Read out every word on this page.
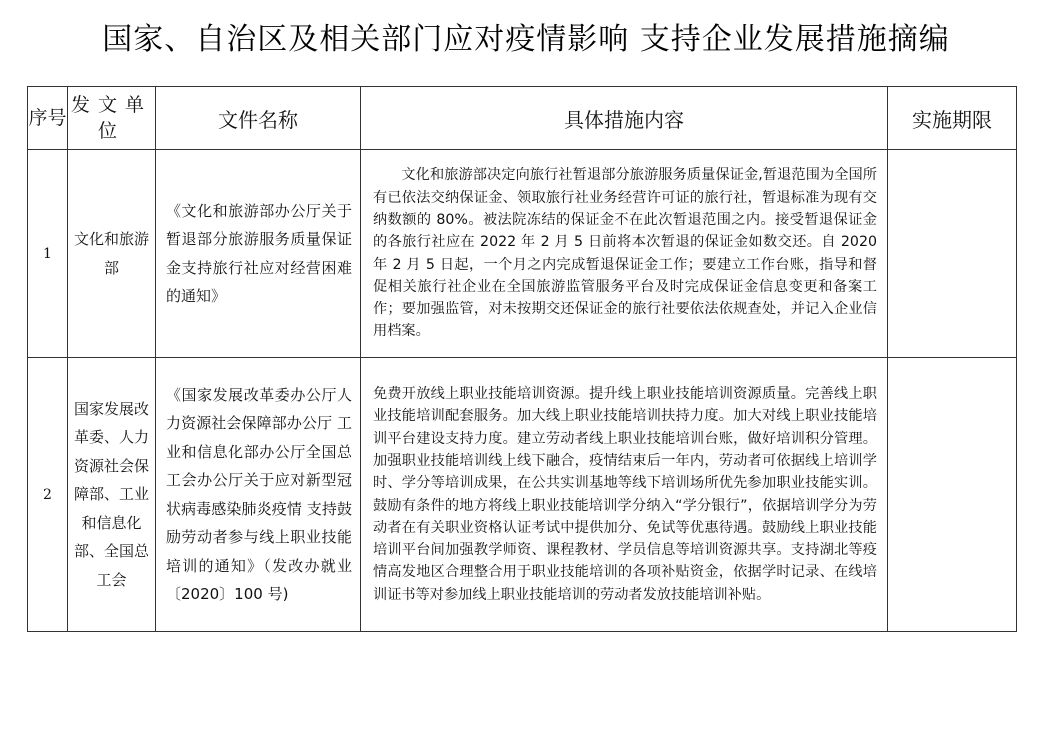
国家、自治区及相关部门应对疫情影响 支持企业发展措施摘编
序号	发文单位	文件名称	具体措施内容	实施期限
1	文化和旅游部	《文化和旅游部办公厅关于暂退部分旅游服务质量保证金支持旅行社应对经营困难的通知》	文化和旅游部决定向旅行社暂退部分旅游服务质量保证金,暂退范围为全国所有已依法交纳保证金、领取旅行社业务经营许可证的旅行社，暂退标准为现有交纳数额的 80%。被法院冻结的保证金不在此次暂退范围之内。接受暂退保证金的各旅行社应在 2022 年 2 月 5 日前将本次暂退的保证金如数交还。自 2020 年 2 月 5 日起，一个月之内完成暂退保证金工作；要建立工作台账，指导和督促相关旅行社企业在全国旅游监管服务平台及时完成保证金信息变更和备案工作；要加强监管，对未按期交还保证金的旅行社要依法依规查处，并记入企业信用档案。	
2	国家发展改革委、人力资源社会保障部、工业和信息化部、全国总工会	《国家发展改革委办公厅人力资源社会保障部办公厅 工业和信息化部办公厅全国总工会办公厅关于应对新型冠状病毒感染肺炎疫情 支持鼓励劳动者参与线上职业技能培训的通知》（发改办就业〔2020〕100 号)	免费开放线上职业技能培训资源。提升线上职业技能培训资源质量。完善线上职业技能培训配套服务。加大线上职业技能培训扶持力度。加大对线上职业技能培训平台建设支持力度。建立劳动者线上职业技能培训台账，做好培训积分管理。加强职业技能培训线上线下融合，疫情结束后一年内，劳动者可依据线上培训学时、学分等培训成果，在公共实训基地等线下培训场所优先参加职业技能实训。鼓励有条件的地方将线上职业技能培训学分纳入“学分银行”，依据培训学分为劳动者在有关职业资格认证考试中提供加分、免试等优惠待遇。鼓励线上职业技能培训平台间加强教学师资、课程教材、学员信息等培训资源共享。支持湖北等疫情高发地区合理整合用于职业技能培训的各项补贴资金，依据学时记录、在线培训证书等对参加线上职业技能培训的劳动者发放技能培训补贴。	
